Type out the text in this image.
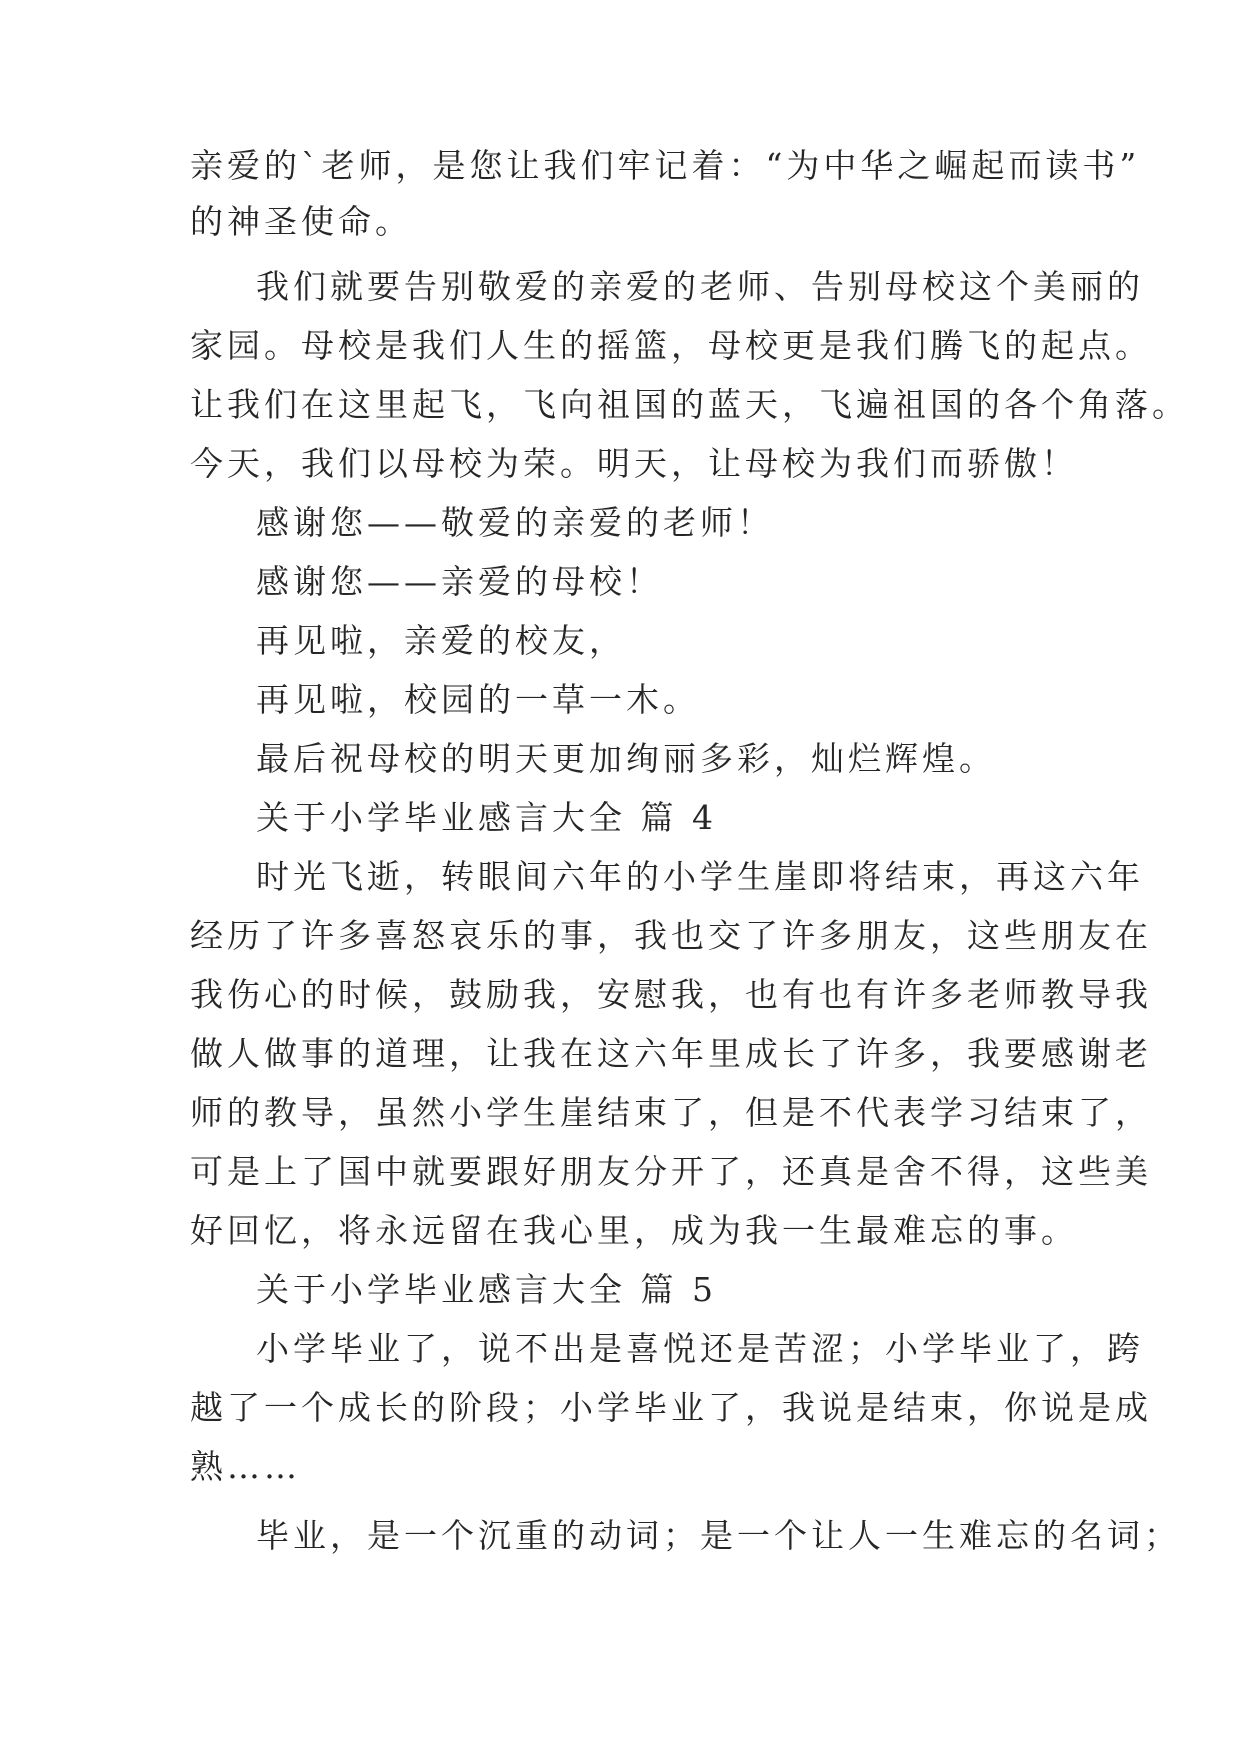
亲爱的`老师，是您让我们牢记着：“为中华之崛起而读书”
的神圣使命。
我们就要告别敬爱的亲爱的老师、告别母校这个美丽的
家园。母校是我们人生的摇篮，母校更是我们腾飞的起点。
让我们在这里起飞，飞向祖国的蓝天，飞遍祖国的各个角落。
今天，我们以母校为荣。明天，让母校为我们而骄傲！
感谢您——敬爱的亲爱的老师！
感谢您——亲爱的母校！
再见啦，亲爱的校友，
再见啦，校园的一草一木。
最后祝母校的明天更加绚丽多彩，灿烂辉煌。
关于小学毕业感言大全 篇 4
时光飞逝，转眼间六年的小学生崖即将结束，再这六年
经历了许多喜怒哀乐的事，我也交了许多朋友，这些朋友在
我伤心的时候，鼓励我，安慰我，也有也有许多老师教导我
做人做事的道理，让我在这六年里成长了许多，我要感谢老
师的教导，虽然小学生崖结束了，但是不代表学习结束了，
可是上了国中就要跟好朋友分开了，还真是舍不得，这些美
好回忆，将永远留在我心里，成为我一生最难忘的事。
关于小学毕业感言大全 篇 5
小学毕业了，说不出是喜悦还是苦涩；小学毕业了，跨
越了一个成长的阶段；小学毕业了，我说是结束，你说是成
熟……
毕业，是一个沉重的动词；是一个让人一生难忘的名词；
